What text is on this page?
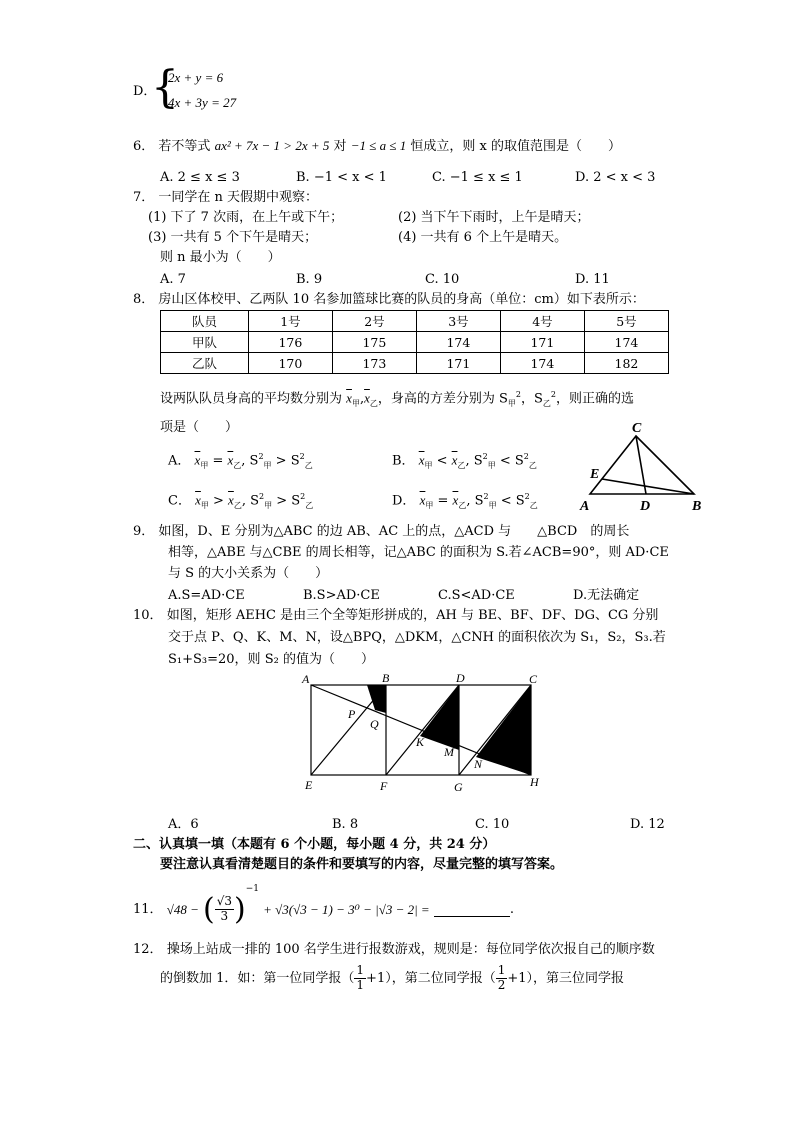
D．
{
2x + y = 6
4x + 3y = 27
6． 若不等式 ax² + 7x − 1 > 2x + 5 对 −1 ≤ a ≤ 1 恒成立，则 x 的取值范围是（　　）
A. 2 ≤ x ≤ 3	B. −1 < x < 1	C. −1 ≤ x ≤ 1	D. 2 < x < 3
7． 一同学在 n 天假期中观察：
(1) 下了 7 次雨，在上午或下午；	(2) 当下午下雨时，上午是晴天；
(3) 一共有 5 个下午是晴天；	(4) 一共有 6 个上午是晴天。
则 n 最小为（　　）
A. 7	B. 9	C. 10	D. 11
8． 房山区体校甲、乙两队 10 名参加篮球比赛的队员的身高（单位：cm）如下表所示：
队员	1号	2号	3号	4号	5号
甲队	176	175	174	171	174
乙队	170	173	171	174	182
设两队队员身高的平均数分别为 $\overline{x}_甲,\overline{x}_乙$，身高的方差分别为 $S_甲^2$，$S_乙^2$，则正确的选
项是（　　）
A． $\overline{x}_甲 = \overline{x}_乙$, $S^2_甲 > S^2_乙$	B． $\overline{x}_甲 < \overline{x}_乙$, $S^2_甲 < S^2_乙$
C． $\overline{x}_甲 > \overline{x}_乙$, $S^2_甲 > S^2_乙$	D． $\overline{x}_甲 = \overline{x}_乙$, $S^2_甲 < S^2_乙$
C
E
A	D	B
9． 如图，D、E 分别为△ABC 的边 AB、AC 上的点，△ACD 与　　△BCD　的周长
相等，△ABE 与△CBE 的周长相等，记△ABC 的面积为 S.若∠ACB=90°，则 AD·CE
与 S 的大小关系为（　　）
A.S=AD·CE	B.S>AD·CE	C.S<AD·CE	D.无法确定
10． 如图，矩形 AEHC 是由三个全等矩形拼成的，AH 与 BE、BF、DF、DG、CG 分别
交于点 P、Q、K、M、N，设△BPQ，△DKM，△CNH 的面积依次为 S₁，S₂，S₃.若
S₁+S₃=20，则 S₂ 的值为（　　）
A	B	D	C
P
Q
K
M
N
E	F	G	H
A．6	B. 8	C. 10	D. 12
二、认真填一填（本题有 6 个小题，每小题 4 分，共 24 分）
要注意认真看清楚题目的条件和要填写的内容，尽量完整的填写答案。
11． √48 − ( $\frac{√3}{3} )^{-1} + √3(√3 - 1) - 3^0 - |√3 - 2|$ =	.
12． 操场上站成一排的 100 名学生进行报数游戏，规则是：每位同学依次报自己的顺序数
的倒数加 1．如：第一位同学报（ $\frac{1}{1} +1$），第二位同学报（ $\frac{1}{2} +1$），第三位同学报
